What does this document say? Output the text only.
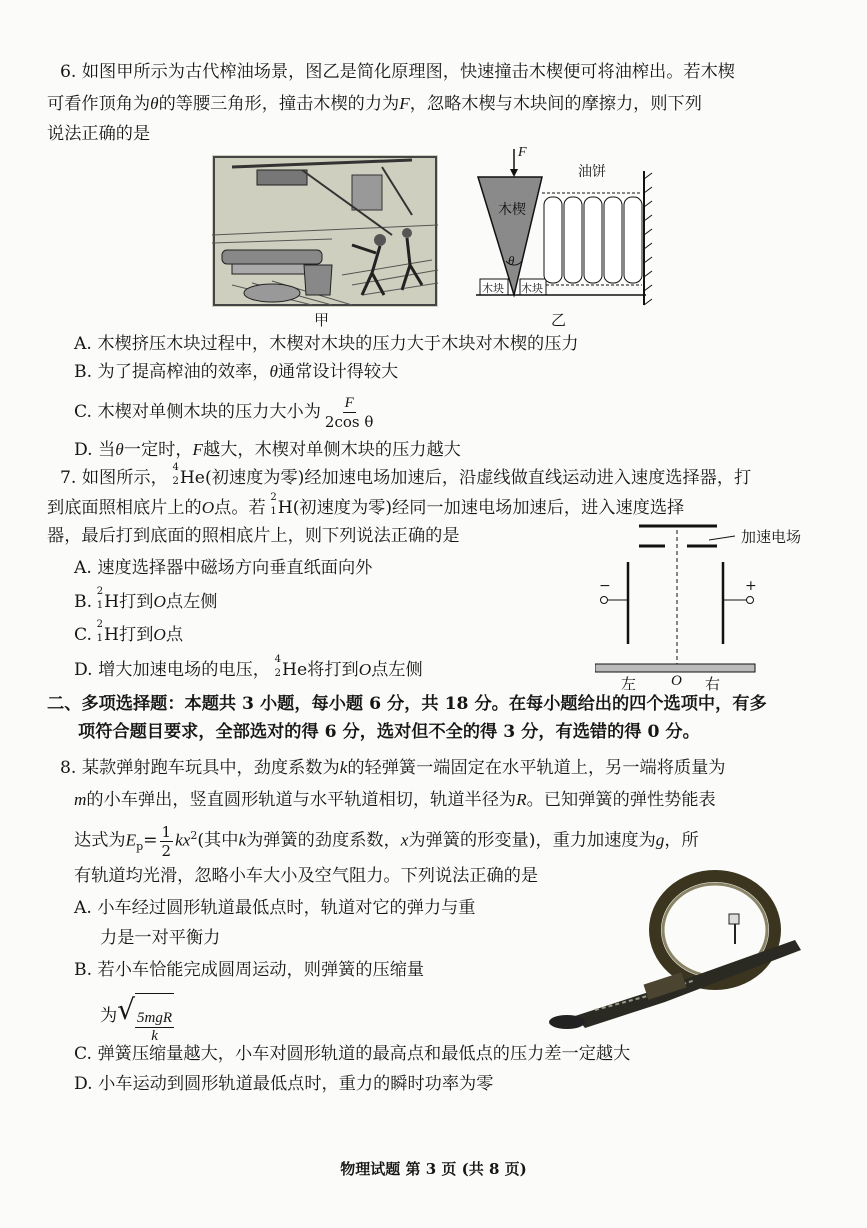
6. 如图甲所示为古代榨油场景，图乙是简化原理图，快速撞击木楔便可将油榨出。若木楔
可看作顶角为θ的等腰三角形，撞击木楔的力为F，忽略木楔与木块间的摩擦力，则下列
说法正确的是
甲
F
油饼
木楔
θ
木块 木块
乙
A. 木楔挤压木块过程中，木楔对木块的压力大于木块对木楔的压力
B. 为了提高榨油的效率，θ通常设计得较大
C. 木楔对单侧木块的压力大小为 $\frac{F}{\text{2cos θ}}$
D. 当θ一定时，F越大，木楔对单侧木块的压力越大
7. 如图所示，
4
2 He(初速度为零)经加速电场加速后，沿虚线做直线运动进入速度选择器，打
到底面照相底片上的O点。若
2
1 H(初速度为零)经同一加速电场加速后，进入速度选择
器，最后打到底面的照相底片上，则下列说法正确的是
A. 速度选择器中磁场方向垂直纸面向外
B.
2
1 H打到O点左侧
C.
2
1 H打到O点
D. 增大加速电场的电压，
4
2 He将打到O点左侧
加速电场
−	+
左 O 右
二、多项选择题：本题共 3 小题，每小题 6 分，共 18 分。在每小题给出的四个选项中，有多
项符合题目要求，全部选对的得 6 分，选对但不全的得 3 分，有选错的得 0 分。
8. 某款弹射跑车玩具中，劲度系数为k的轻弹簧一端固定在水平轨道上，另一端将质量为
m的小车弹出，竖直圆形轨道与水平轨道相切，轨道半径为R。已知弹簧的弹性势能表
达式为$E_p= \frac{1}{2} kx^2$(其中k为弹簧的劲度系数，x为弹簧的形变量)，重力加速度为g，所
有轨道均光滑，忽略小车大小及空气阻力。下列说法正确的是
A. 小车经过圆形轨道最低点时，轨道对它的弹力与重
力是一对平衡力
B. 若小车恰能完成圆周运动，则弹簧的压缩量
为 √
$\frac{\text{5mgR}}{k}$
C. 弹簧压缩量越大，小车对圆形轨道的最高点和最低点的压力差一定越大
D. 小车运动到圆形轨道最低点时，重力的瞬时功率为零
物理试题 第 3 页 (共 8 页)
